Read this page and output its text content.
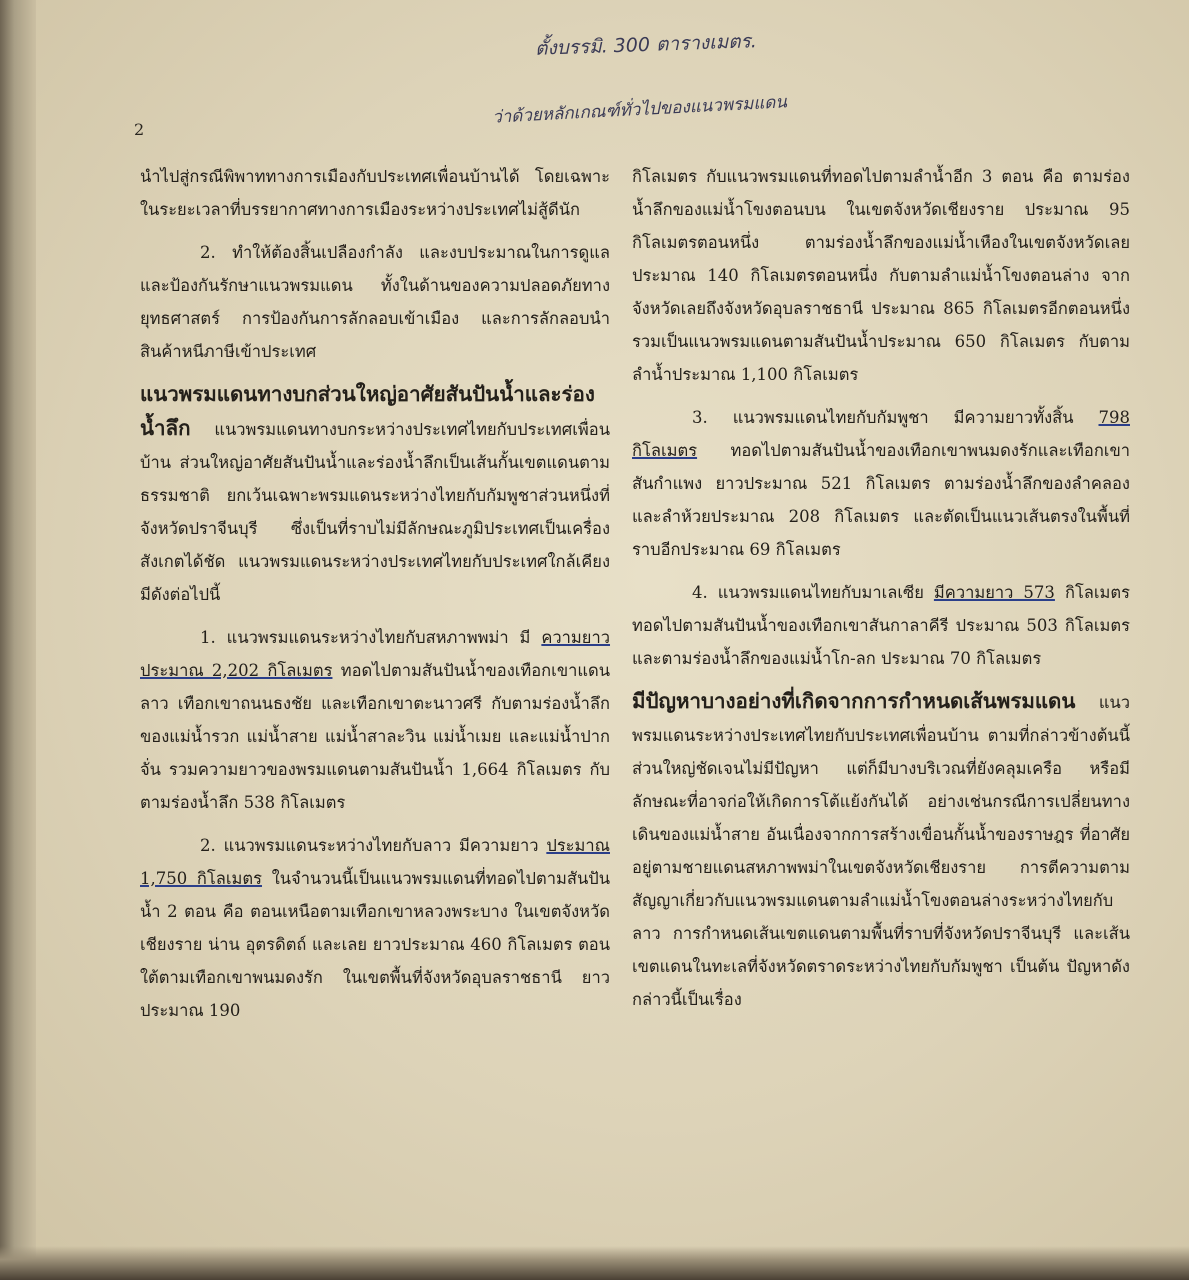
ตั้งบรรมิ. 300 ตารางเมตร.
ว่าด้วยหลักเกณฑ์ทั่วไปของแนวพรมแดน
2

นำไปสู่กรณีพิพาททางการเมืองกับประเทศเพื่อนบ้านได้ โดยเฉพาะในระยะเวลาที่บรรยากาศทางการเมืองระหว่างประเทศไม่สู้ดีนัก

2. ทำให้ต้องสิ้นเปลืองกำลัง และงบประมาณในการดูแลและป้องกันรักษาแนวพรมแดน ทั้งในด้านของความปลอดภัยทางยุทธศาสตร์ การป้องกันการลักลอบเข้าเมือง และการลักลอบนำสินค้าหนีภาษีเข้าประเทศ

แนวพรมแดนทางบกส่วนใหญ่อาศัยสันปันน้ำและร่องน้ำลึก แนวพรมแดนทางบกระหว่างประเทศไทยกับประเทศเพื่อนบ้าน ส่วนใหญ่อาศัยสันปันน้ำและร่องน้ำลึกเป็นเส้นกั้นเขตแดนตามธรรมชาติ ยกเว้นเฉพาะพรมแดนระหว่างไทยกับกัมพูชาส่วนหนึ่งที่จังหวัดปราจีนบุรี ซึ่งเป็นที่ราบไม่มีลักษณะภูมิประเทศเป็นเครื่องสังเกตได้ชัด แนวพรมแดนระหว่างประเทศไทยกับประเทศใกล้เคียง มีดังต่อไปนี้

1. แนวพรมแดนระหว่างไทยกับสหภาพพม่า มี ความยาวประมาณ 2,202 กิโลเมตร ทอดไปตามสันปันน้ำของเทือกเขาแดนลาว เทือกเขาถนนธงชัย และเทือกเขาตะนาวศรี กับตามร่องน้ำลึกของแม่น้ำรวก แม่น้ำสาย แม่น้ำสาละวิน แม่น้ำเมย และแม่น้ำปากจั่น รวมความยาวของพรมแดนตามสันปันน้ำ 1,664 กิโลเมตร กับตามร่องน้ำลึก 538 กิโลเมตร

2. แนวพรมแดนระหว่างไทยกับลาว มีความยาว ประมาณ 1,750 กิโลเมตร ในจำนวนนี้เป็นแนวพรมแดนที่ทอดไปตามสันปันน้ำ 2 ตอน คือ ตอนเหนือตามเทือกเขาหลวงพระบาง ในเขตจังหวัดเชียงราย น่าน อุตรดิตถ์ และเลย ยาวประมาณ 460 กิโลเมตร ตอนใต้ตามเทือกเขาพนมดงรัก ในเขตพื้นที่จังหวัดอุบลราชธานี ยาวประมาณ 190

กิโลเมตร กับแนวพรมแดนที่ทอดไปตามลำน้ำอีก 3 ตอน คือ ตามร่องน้ำลึกของแม่น้ำโขงตอนบน ในเขตจังหวัดเชียงราย ประมาณ 95 กิโลเมตรตอนหนึ่ง ตามร่องน้ำลึกของแม่น้ำเหืองในเขตจังหวัดเลย ประมาณ 140 กิโลเมตรตอนหนึ่ง กับตามลำแม่น้ำโขงตอนล่าง จากจังหวัดเลยถึงจังหวัดอุบลราชธานี ประมาณ 865 กิโลเมตรอีกตอนหนึ่ง รวมเป็นแนวพรมแดนตามสันปันน้ำประมาณ 650 กิโลเมตร กับตามลำน้ำประมาณ 1,100 กิโลเมตร

3. แนวพรมแดนไทยกับกัมพูชา มีความยาวทั้งสิ้น 798 กิโลเมตร ทอดไปตามสันปันน้ำของเทือกเขาพนมดงรักและเทือกเขาสันกำแพง ยาวประมาณ 521 กิโลเมตร ตามร่องน้ำลึกของลำคลอง และลำห้วยประมาณ 208 กิโลเมตร และตัดเป็นแนวเส้นตรงในพื้นที่ราบอีกประมาณ 69 กิโลเมตร

4. แนวพรมแดนไทยกับมาเลเซีย มีความยาว 573 กิโลเมตร ทอดไปตามสันปันน้ำของเทือกเขาสันกาลาคีรี ประมาณ 503 กิโลเมตร และตามร่องน้ำลึกของแม่น้ำโก-ลก ประมาณ 70 กิโลเมตร

มีปัญหาบางอย่างที่เกิดจากการกำหนดเส้นพรมแดน แนวพรมแดนระหว่างประเทศไทยกับประเทศเพื่อนบ้าน ตามที่กล่าวข้างต้นนี้ ส่วนใหญ่ชัดเจนไม่มีปัญหา แต่ก็มีบางบริเวณที่ยังคลุมเครือ หรือมีลักษณะที่อาจก่อให้เกิดการโต้แย้งกันได้ อย่างเช่นกรณีการเปลี่ยนทางเดินของแม่น้ำสาย อันเนื่องจากการสร้างเขื่อนกั้นน้ำของราษฎร ที่อาศัยอยู่ตามชายแดนสหภาพพม่าในเขตจังหวัดเชียงราย การตีความตามสัญญาเกี่ยวกับแนวพรมแดนตามลำแม่น้ำโขงตอนล่างระหว่างไทยกับลาว การกำหนดเส้นเขตแดนตามพื้นที่ราบที่จังหวัดปราจีนบุรี และเส้นเขตแดนในทะเลที่จังหวัดตราดระหว่างไทยกับกัมพูชา เป็นต้น ปัญหาดังกล่าวนี้เป็นเรื่อง
